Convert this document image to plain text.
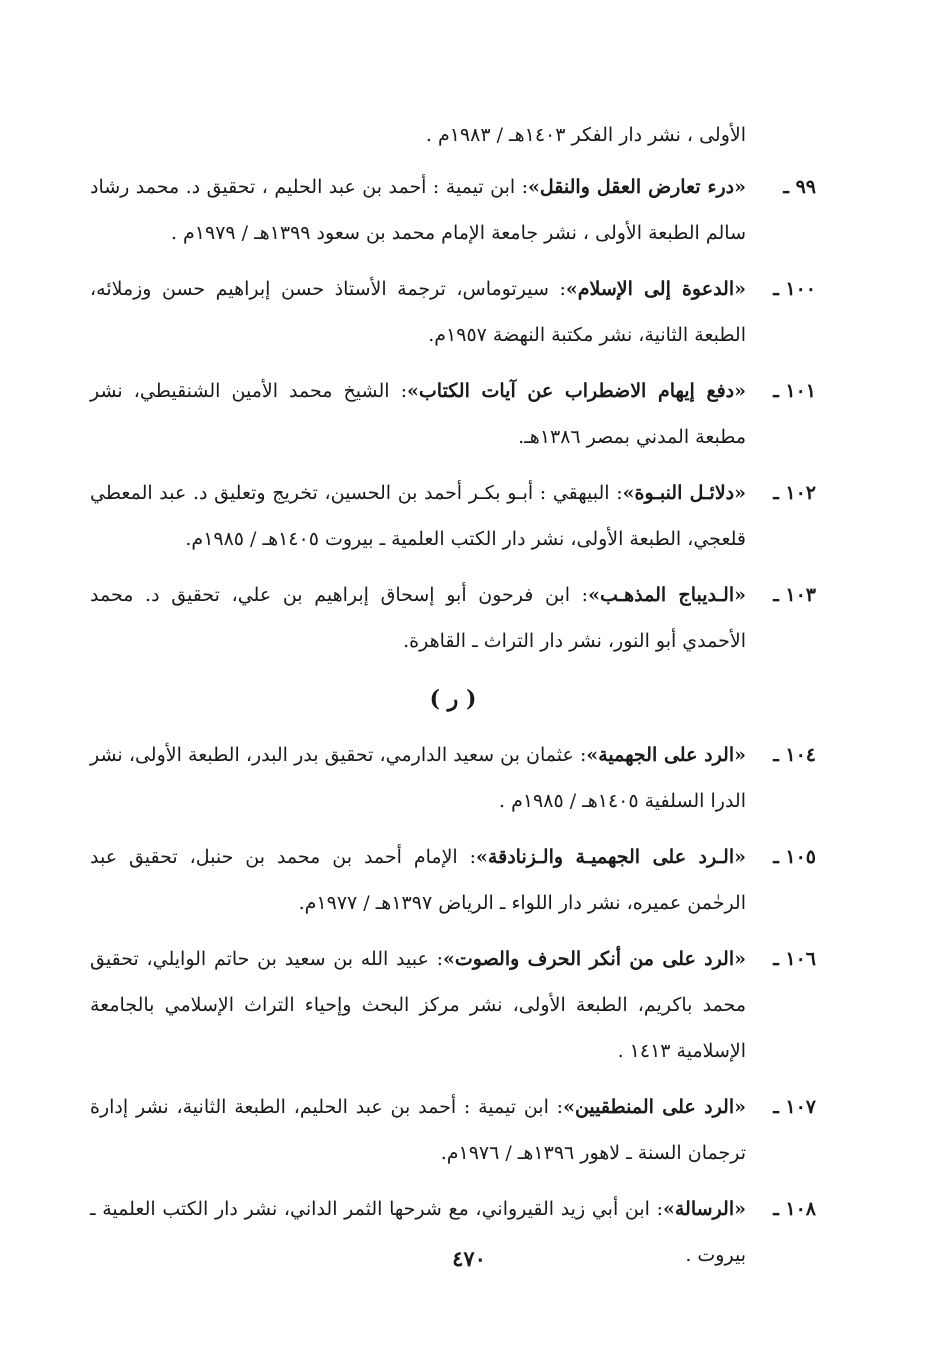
الأولى ، نشر دار الفكر ١٤٠٣هـ / ١٩٨٣م .
٩٩ ـ
«درء تعارض العقل والنقل»: ابن تيمية : أحمد بن عبد الحليم ، تحقيق د. محمد رشاد سالم الطبعة الأولى ، نشر جامعة الإمام محمد بن سعود ١٣٩٩هـ / ١٩٧٩م .
١٠٠ ـ
«الدعوة إلى الإسلام»: سيرتوماس، ترجمة الأستاذ حسن إبراهيم حسن وزملائه، الطبعة الثانية، نشر مكتبة النهضة ١٩٥٧م.
١٠١ ـ
«دفع إيهام الاضطراب عن آيات الكتاب»: الشيخ محمد الأمين الشنقيطي، نشر مطبعة المدني بمصر ١٣٨٦هـ.
١٠٢ ـ
«دلائـل النبـوة»: البيهقي : أبـو بكـر أحمد بن الحسين، تخريج وتعليق د. عبد المعطي قلعجي، الطبعة الأولى، نشر دار الكتب العلمية ـ بيروت ١٤٠٥هـ / ١٩٨٥م.
١٠٣ ـ
«الـديباج المذهـب»: ابن فرحون أبو إسحاق إبراهيم بن علي، تحقيق د. محمد الأحمدي أبو النور، نشر دار التراث ـ القاهرة.
( ر )
١٠٤ ـ
«الرد على الجهمية»: عثمان بن سعيد الدارمي، تحقيق بدر البدر، الطبعة الأولى، نشر الدرا السلفية ١٤٠٥هـ / ١٩٨٥م .
١٠٥ ـ
«الـرد على الجهميـة والـزنادقة»: الإمام أحمد بن محمد بن حنبل، تحقيق عبد الرحٰمن عميره، نشر دار اللواء ـ الرياض ١٣٩٧هـ / ١٩٧٧م.
١٠٦ ـ
«الرد على من أنكر الحرف والصوت»: عبيد الله بن سعيد بن حاتم الوايلي، تحقيق محمد باكريم، الطبعة الأولى، نشر مركز البحث وإحياء التراث الإسلامي بالجامعة الإسلامية ١٤١٣ .
١٠٧ ـ
«الرد على المنطقيين»: ابن تيمية : أحمد بن عبد الحليم، الطبعة الثانية، نشر إدارة ترجمان السنة ـ لاهور ١٣٩٦هـ / ١٩٧٦م.
١٠٨ ـ
«الرسالة»: ابن أبي زيد القيرواني، مع شرحها الثمر الداني، نشر دار الكتب العلمية ـ بيروت .
٤٧٠
